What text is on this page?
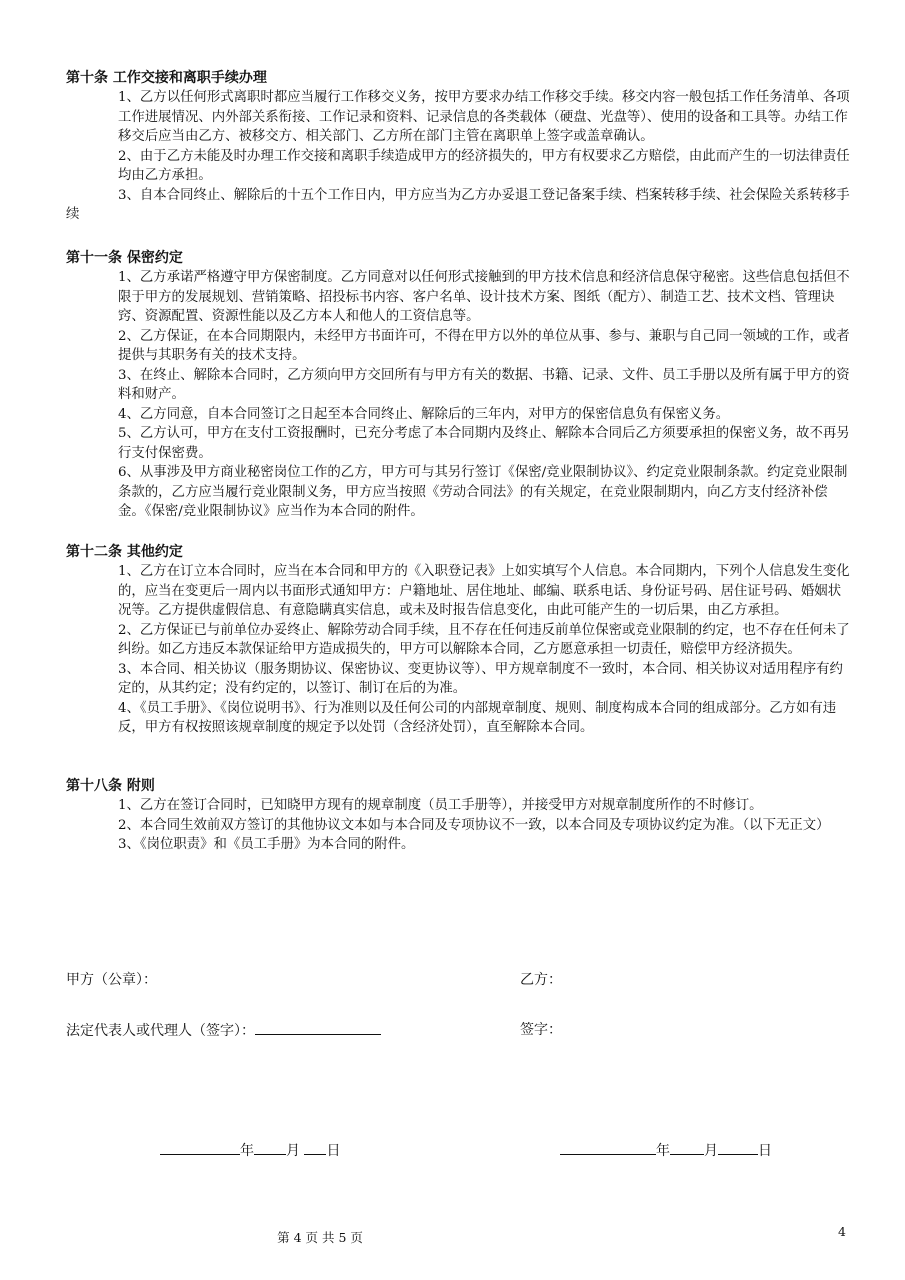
第十条 工作交接和离职手续办理

1、乙方以任何形式离职时都应当履行工作移交义务，按甲方要求办结工作移交手续。移交内容一般包括工作任务清单、各项工作进展情况、内外部关系衔接、工作记录和资料、记录信息的各类载体（硬盘、光盘等）、使用的设备和工具等。办结工作移交后应当由乙方、被移交方、相关部门、乙方所在部门主管在离职单上签字或盖章确认。

2、由于乙方未能及时办理工作交接和离职手续造成甲方的经济损失的，甲方有权要求乙方赔偿，由此而产生的一切法律责任均由乙方承担。

3、自本合同终止、解除后的十五个工作日内，甲方应当为乙方办妥退工登记备案手续、档案转移手续、社会保险关系转移手续

第十一条 保密约定

1、乙方承诺严格遵守甲方保密制度。乙方同意对以任何形式接触到的甲方技术信息和经济信息保守秘密。这些信息包括但不限于甲方的发展规划、营销策略、招投标书内容、客户名单、设计技术方案、图纸（配方）、制造工艺、技术文档、管理诀窍、资源配置、资源性能以及乙方本人和他人的工资信息等。

2、乙方保证，在本合同期限内，未经甲方书面许可，不得在甲方以外的单位从事、参与、兼职与自己同一领域的工作，或者提供与其职务有关的技术支持。

3、在终止、解除本合同时，乙方须向甲方交回所有与甲方有关的数据、书籍、记录、文件、员工手册以及所有属于甲方的资料和财产。

4、乙方同意，自本合同签订之日起至本合同终止、解除后的三年内，对甲方的保密信息负有保密义务。

5、乙方认可，甲方在支付工资报酬时，已充分考虑了本合同期内及终止、解除本合同后乙方须要承担的保密义务，故不再另行支付保密费。

6、从事涉及甲方商业秘密岗位工作的乙方，甲方可与其另行签订《保密/竞业限制协议》、约定竞业限制条款。约定竞业限制条款的，乙方应当履行竞业限制义务，甲方应当按照《劳动合同法》的有关规定，在竞业限制期内，向乙方支付经济补偿金。《保密/竞业限制协议》应当作为本合同的附件。

第十二条 其他约定

1、乙方在订立本合同时，应当在本合同和甲方的《入职登记表》上如实填写个人信息。本合同期内，下列个人信息发生变化的，应当在变更后一周内以书面形式通知甲方：户籍地址、居住地址、邮编、联系电话、身份证号码、居住证号码、婚姻状况等。乙方提供虚假信息、有意隐瞒真实信息，或未及时报告信息变化，由此可能产生的一切后果，由乙方承担。

2、乙方保证已与前单位办妥终止、解除劳动合同手续，且不存在任何违反前单位保密或竞业限制的约定，也不存在任何未了纠纷。如乙方违反本款保证给甲方造成损失的，甲方可以解除本合同，乙方愿意承担一切责任，赔偿甲方经济损失。

3、本合同、相关协议（服务期协议、保密协议、变更协议等）、甲方规章制度不一致时，本合同、相关协议对适用程序有约定的，从其约定；没有约定的，以签订、制订在后的为准。

4、《员工手册》、《岗位说明书》、行为准则以及任何公司的内部规章制度、规则、制度构成本合同的组成部分。乙方如有违反，甲方有权按照该规章制度的规定予以处罚（含经济处罚），直至解除本合同。

第十八条 附则

1、乙方在签订合同时，已知晓甲方现有的规章制度（员工手册等），并接受甲方对规章制度所作的不时修订。

2、本合同生效前双方签订的其他协议文本如与本合同及专项协议不一致，以本合同及专项协议约定为准。（以下无正文）

3、《岗位职责》和《员工手册》为本合同的附件。

甲方（公章）：	乙方：
法定代表人或代理人（签字）：	签字：
年 月 日	年 月	日
第 4 页 共 5 页	4
